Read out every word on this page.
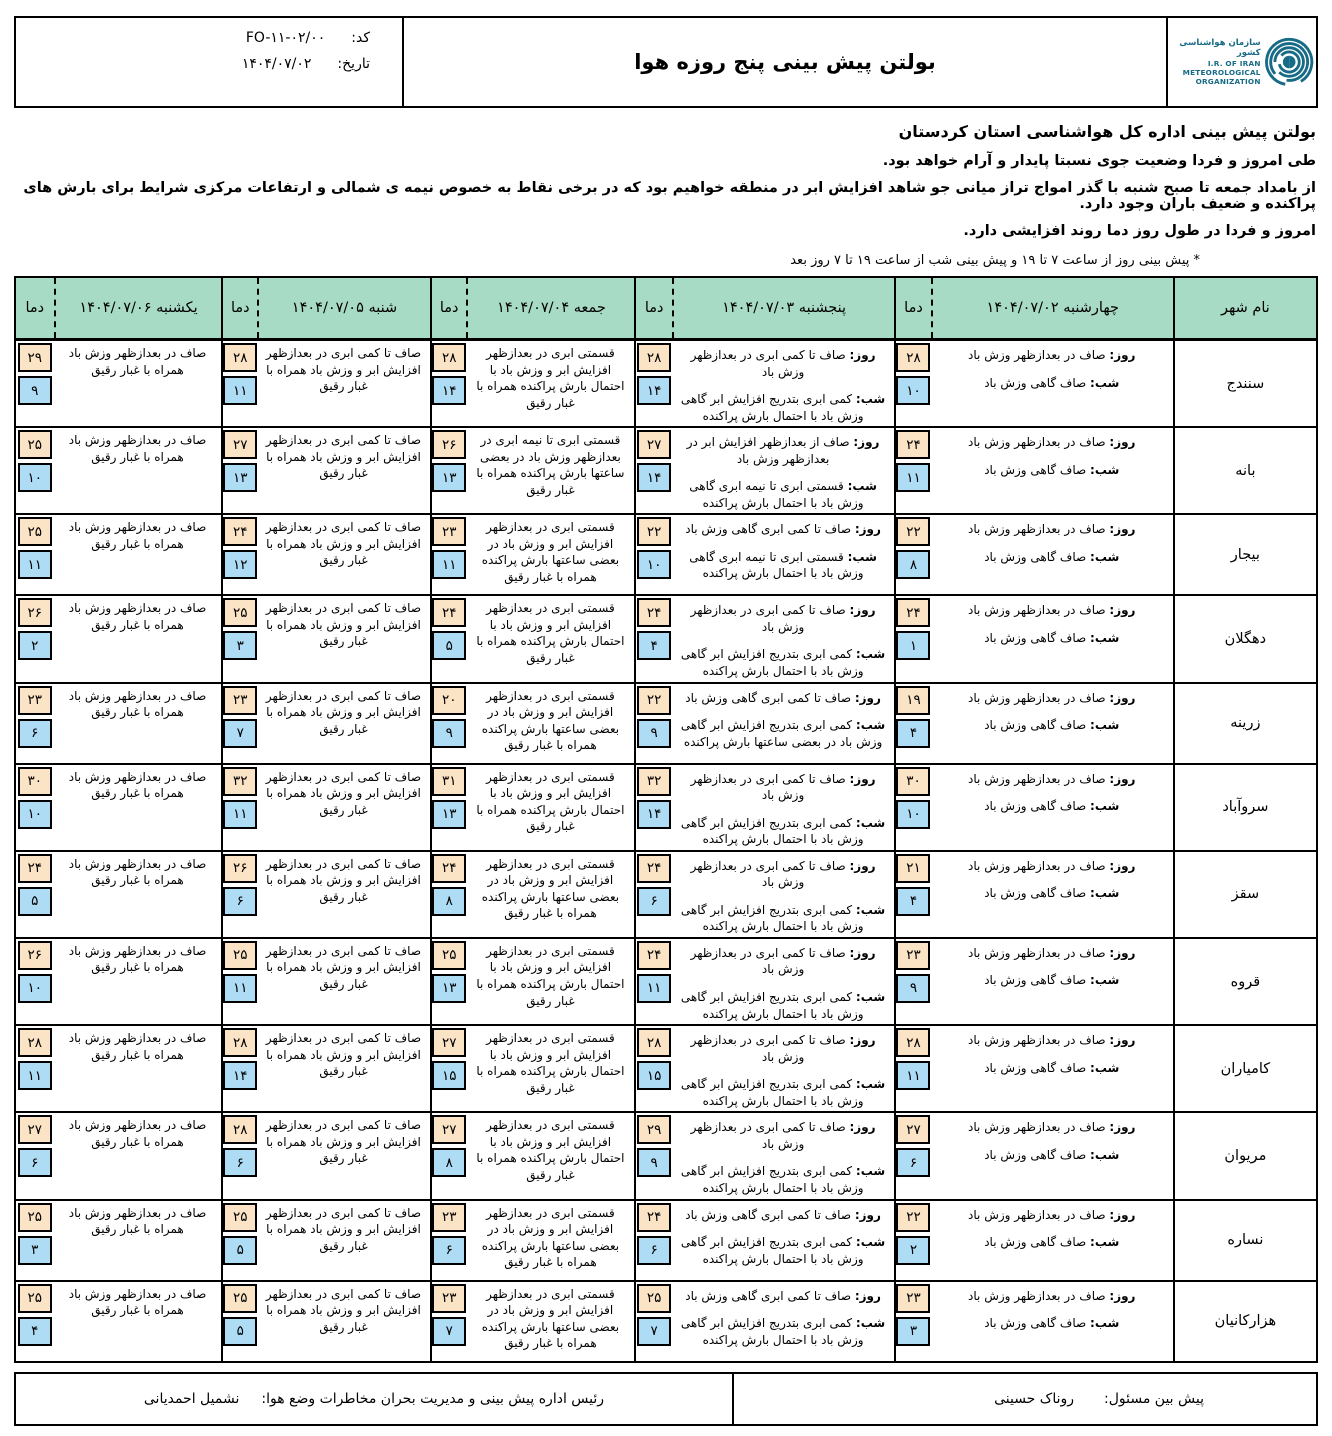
سازمان هواشناسی کشور
I.R. OF IRAN
METEOROLOGICAL
ORGANIZATION
بولتن پیش بینی پنج روزه هوا
کد:
FO-۱۱-۰۲/۰۰
تاریخ:
۱۴۰۴/۰۷/۰۲

بولتن پیش بینی اداره کل هواشناسی استان کردستان

طی امروز و فردا وضعیت جوی نسبتا پایدار و آرام خواهد بود.

از بامداد جمعه تا صبح شنبه با گذر امواج تراز میانی جو شاهد افزایش ابر در منطقه خواهیم بود که در برخی نقاط به خصوص نیمه ی شمالی و ارتفاعات مرکزی شرایط برای بارش های پراکنده و ضعیف باران وجود دارد.

امروز و فردا در طول روز دما روند افزایشی دارد.

* پیش بینی روز از ساعت ۷ تا ۱۹ و پیش بینی شب از ساعت ۱۹ تا ۷ روز بعد

نام شهر
چهارشنبه ۱۴۰۴/۰۷/۰۲
دما
پنجشنبه ۱۴۰۴/۰۷/۰۳
دما
جمعه ۱۴۰۴/۰۷/۰۴
دما
شنبه ۱۴۰۴/۰۷/۰۵
دما
یکشنبه ۱۴۰۴/۰۷/۰۶
دما
سنندج

روز: صاف در بعدازظهر وزش باد

شب: صاف گاهی وزش باد

۲۸
۱۰

روز: صاف تا کمی ابری در بعدازظهر وزش باد

شب: کمی ابری بتدریج افزایش ابر گاهی وزش باد با احتمال بارش پراکنده

۲۸
۱۴
قسمتی ابری در بعدازظهر افزایش ابر و وزش باد با احتمال بارش پراکنده همراه با غبار رقیق
۲۸
۱۴
صاف تا کمی ابری در بعدازظهر افزایش ابر و وزش باد همراه با غبار رقیق
۲۸
۱۱
صاف در بعدازظهر وزش باد همراه با غبار رقیق
۲۹
۹
بانه

روز: صاف در بعدازظهر وزش باد

شب: صاف گاهی وزش باد

۲۴
۱۱

روز: صاف از بعدازظهر افزایش ابر در بعدازظهر وزش باد

شب: قسمتی ابری تا نیمه ابری گاهی وزش باد با احتمال بارش پراکنده

۲۷
۱۴
قسمتی ابری تا نیمه ابری در بعدازظهر وزش باد در بعضی ساعتها بارش پراکنده همراه با غبار رقیق
۲۶
۱۳
صاف تا کمی ابری در بعدازظهر افزایش ابر و وزش باد همراه با غبار رقیق
۲۷
۱۳
صاف در بعدازظهر وزش باد همراه با غبار رقیق
۲۵
۱۰
بیجار

روز: صاف در بعدازظهر وزش باد

شب: صاف گاهی وزش باد

۲۲
۸

روز: صاف تا کمی ابری گاهی وزش باد

شب: قسمتی ابری تا نیمه ابری گاهی وزش باد با احتمال بارش پراکنده

۲۲
۱۰
قسمتی ابری در بعدازظهر افزایش ابر و وزش باد در بعضی ساعتها بارش پراکنده همراه با غبار رقیق
۲۳
۱۱
صاف تا کمی ابری در بعدازظهر افزایش ابر و وزش باد همراه با غبار رقیق
۲۴
۱۲
صاف در بعدازظهر وزش باد همراه با غبار رقیق
۲۵
۱۱
دهگلان

روز: صاف در بعدازظهر وزش باد

شب: صاف گاهی وزش باد

۲۴
۱

روز: صاف تا کمی ابری در بعدازظهر وزش باد

شب: کمی ابری بتدریج افزایش ابر گاهی وزش باد با احتمال بارش پراکنده

۲۴
۴
قسمتی ابری در بعدازظهر افزایش ابر و وزش باد با احتمال بارش پراکنده همراه با غبار رقیق
۲۴
۵
صاف تا کمی ابری در بعدازظهر افزایش ابر و وزش باد همراه با غبار رقیق
۲۵
۳
صاف در بعدازظهر وزش باد همراه با غبار رقیق
۲۶
۲
زرینه

روز: صاف در بعدازظهر وزش باد

شب: صاف گاهی وزش باد

۱۹
۴

روز: صاف تا کمی ابری گاهی وزش باد

شب: کمی ابری بتدریج افزایش ابر گاهی وزش باد در بعضی ساعتها بارش پراکنده

۲۲
۹
قسمتی ابری در بعدازظهر افزایش ابر و وزش باد در بعضی ساعتها بارش پراکنده همراه با غبار رقیق
۲۰
۹
صاف تا کمی ابری در بعدازظهر افزایش ابر و وزش باد همراه با غبار رقیق
۲۳
۷
صاف در بعدازظهر وزش باد همراه با غبار رقیق
۲۳
۶
سروآباد

روز: صاف در بعدازظهر وزش باد

شب: صاف گاهی وزش باد

۳۰
۱۰

روز: صاف تا کمی ابری در بعدازظهر وزش باد

شب: کمی ابری بتدریج افزایش ابر گاهی وزش باد با احتمال بارش پراکنده

۳۲
۱۴
قسمتی ابری در بعدازظهر افزایش ابر و وزش باد با احتمال بارش پراکنده همراه با غبار رقیق
۳۱
۱۳
صاف تا کمی ابری در بعدازظهر افزایش ابر و وزش باد همراه با غبار رقیق
۳۲
۱۱
صاف در بعدازظهر وزش باد همراه با غبار رقیق
۳۰
۱۰
سقز

روز: صاف در بعدازظهر وزش باد

شب: صاف گاهی وزش باد

۲۱
۴

روز: صاف تا کمی ابری در بعدازظهر وزش باد

شب: کمی ابری بتدریج افزایش ابر گاهی وزش باد با احتمال بارش پراکنده

۲۴
۶
قسمتی ابری در بعدازظهر افزایش ابر و وزش باد در بعضی ساعتها بارش پراکنده همراه با غبار رقیق
۲۴
۸
صاف تا کمی ابری در بعدازظهر افزایش ابر و وزش باد همراه با غبار رقیق
۲۶
۶
صاف در بعدازظهر وزش باد همراه با غبار رقیق
۲۴
۵
قروه

روز: صاف در بعدازظهر وزش باد

شب: صاف گاهی وزش باد

۲۳
۹

روز: صاف تا کمی ابری در بعدازظهر وزش باد

شب: کمی ابری بتدریج افزایش ابر گاهی وزش باد با احتمال بارش پراکنده

۲۴
۱۱
قسمتی ابری در بعدازظهر افزایش ابر و وزش باد با احتمال بارش پراکنده همراه با غبار رقیق
۲۵
۱۳
صاف تا کمی ابری در بعدازظهر افزایش ابر و وزش باد همراه با غبار رقیق
۲۵
۱۱
صاف در بعدازظهر وزش باد همراه با غبار رقیق
۲۶
۱۰
کامیاران

روز: صاف در بعدازظهر وزش باد

شب: صاف گاهی وزش باد

۲۸
۱۱

روز: صاف تا کمی ابری در بعدازظهر وزش باد

شب: کمی ابری بتدریج افزایش ابر گاهی وزش باد با احتمال بارش پراکنده

۲۸
۱۵
قسمتی ابری در بعدازظهر افزایش ابر و وزش باد با احتمال بارش پراکنده همراه با غبار رقیق
۲۷
۱۵
صاف تا کمی ابری در بعدازظهر افزایش ابر و وزش باد همراه با غبار رقیق
۲۸
۱۴
صاف در بعدازظهر وزش باد همراه با غبار رقیق
۲۸
۱۱
مریوان

روز: صاف در بعدازظهر وزش باد

شب: صاف گاهی وزش باد

۲۷
۶

روز: صاف تا کمی ابری در بعدازظهر وزش باد

شب: کمی ابری بتدریج افزایش ابر گاهی وزش باد با احتمال بارش پراکنده

۲۹
۹
قسمتی ابری در بعدازظهر افزایش ابر و وزش باد با احتمال بارش پراکنده همراه با غبار رقیق
۲۷
۸
صاف تا کمی ابری در بعدازظهر افزایش ابر و وزش باد همراه با غبار رقیق
۲۸
۶
صاف در بعدازظهر وزش باد همراه با غبار رقیق
۲۷
۶
نساره

روز: صاف در بعدازظهر وزش باد

شب: صاف گاهی وزش باد

۲۲
۲

روز: صاف تا کمی ابری گاهی وزش باد

شب: کمی ابری بتدریج افزایش ابر گاهی وزش باد با احتمال بارش پراکنده

۲۴
۶
قسمتی ابری در بعدازظهر افزایش ابر و وزش باد در بعضی ساعتها بارش پراکنده همراه با غبار رقیق
۲۳
۶
صاف تا کمی ابری در بعدازظهر افزایش ابر و وزش باد همراه با غبار رقیق
۲۵
۵
صاف در بعدازظهر وزش باد همراه با غبار رقیق
۲۵
۳
هزارکانیان

روز: صاف در بعدازظهر وزش باد

شب: صاف گاهی وزش باد

۲۳
۳

روز: صاف تا کمی ابری گاهی وزش باد

شب: کمی ابری بتدریج افزایش ابر گاهی وزش باد با احتمال بارش پراکنده

۲۵
۷
قسمتی ابری در بعدازظهر افزایش ابر و وزش باد در بعضی ساعتها بارش پراکنده همراه با غبار رقیق
۲۳
۷
صاف تا کمی ابری در بعدازظهر افزایش ابر و وزش باد همراه با غبار رقیق
۲۵
۵
صاف در بعدازظهر وزش باد همراه با غبار رقیق
۲۵
۴
پیش بین مسئول:
روناک حسینی
رئیس اداره پیش بینی و مدیریت بحران مخاطرات وضع هوا:
نشمیل احمدیانی
